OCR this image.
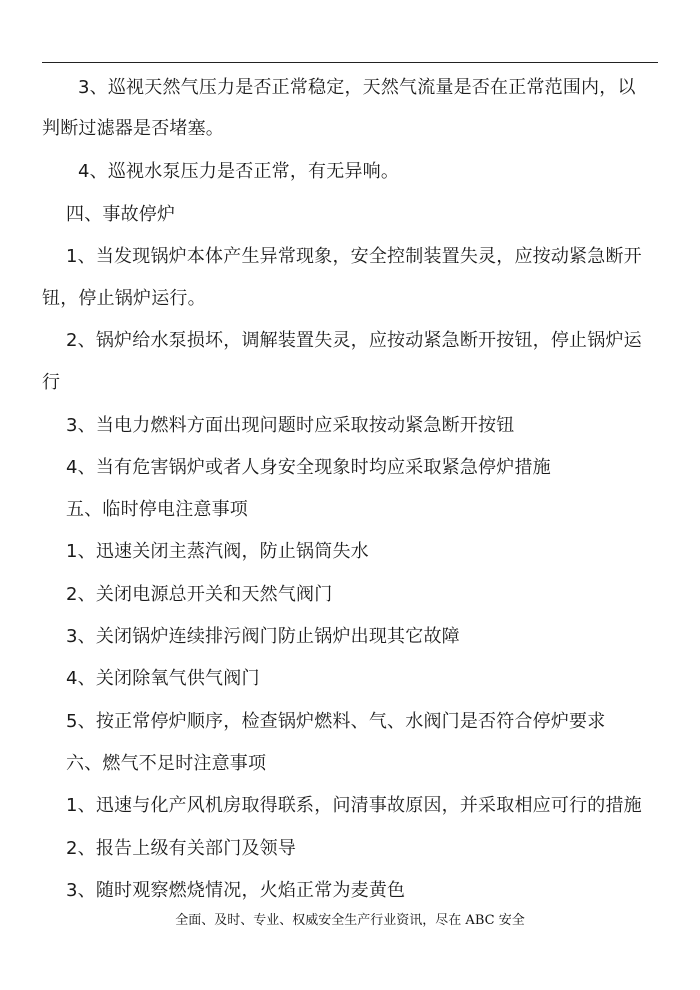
3、巡视天然气压力是否正常稳定，天然气流量是否在正常范围内，以
判断过滤器是否堵塞。
4、巡视水泵压力是否正常，有无异响。
四、事故停炉
1、当发现锅炉本体产生异常现象，安全控制装置失灵，应按动紧急断开
钮，停止锅炉运行。
2、锅炉给水泵损坏，调解装置失灵，应按动紧急断开按钮，停止锅炉运
行
3、当电力燃料方面出现问题时应采取按动紧急断开按钮
4、当有危害锅炉或者人身安全现象时均应采取紧急停炉措施
五、临时停电注意事项
1、迅速关闭主蒸汽阀，防止锅筒失水
2、关闭电源总开关和天然气阀门
3、关闭锅炉连续排污阀门防止锅炉出现其它故障
4、关闭除氧气供气阀门
5、按正常停炉顺序，检查锅炉燃料、气、水阀门是否符合停炉要求
六、燃气不足时注意事项
1、迅速与化产风机房取得联系，问清事故原因，并采取相应可行的措施
2、报告上级有关部门及领导
3、随时观察燃烧情况，火焰正常为麦黄色
全面、及时、专业、权威安全生产行业资讯，尽在 ABC 安全
